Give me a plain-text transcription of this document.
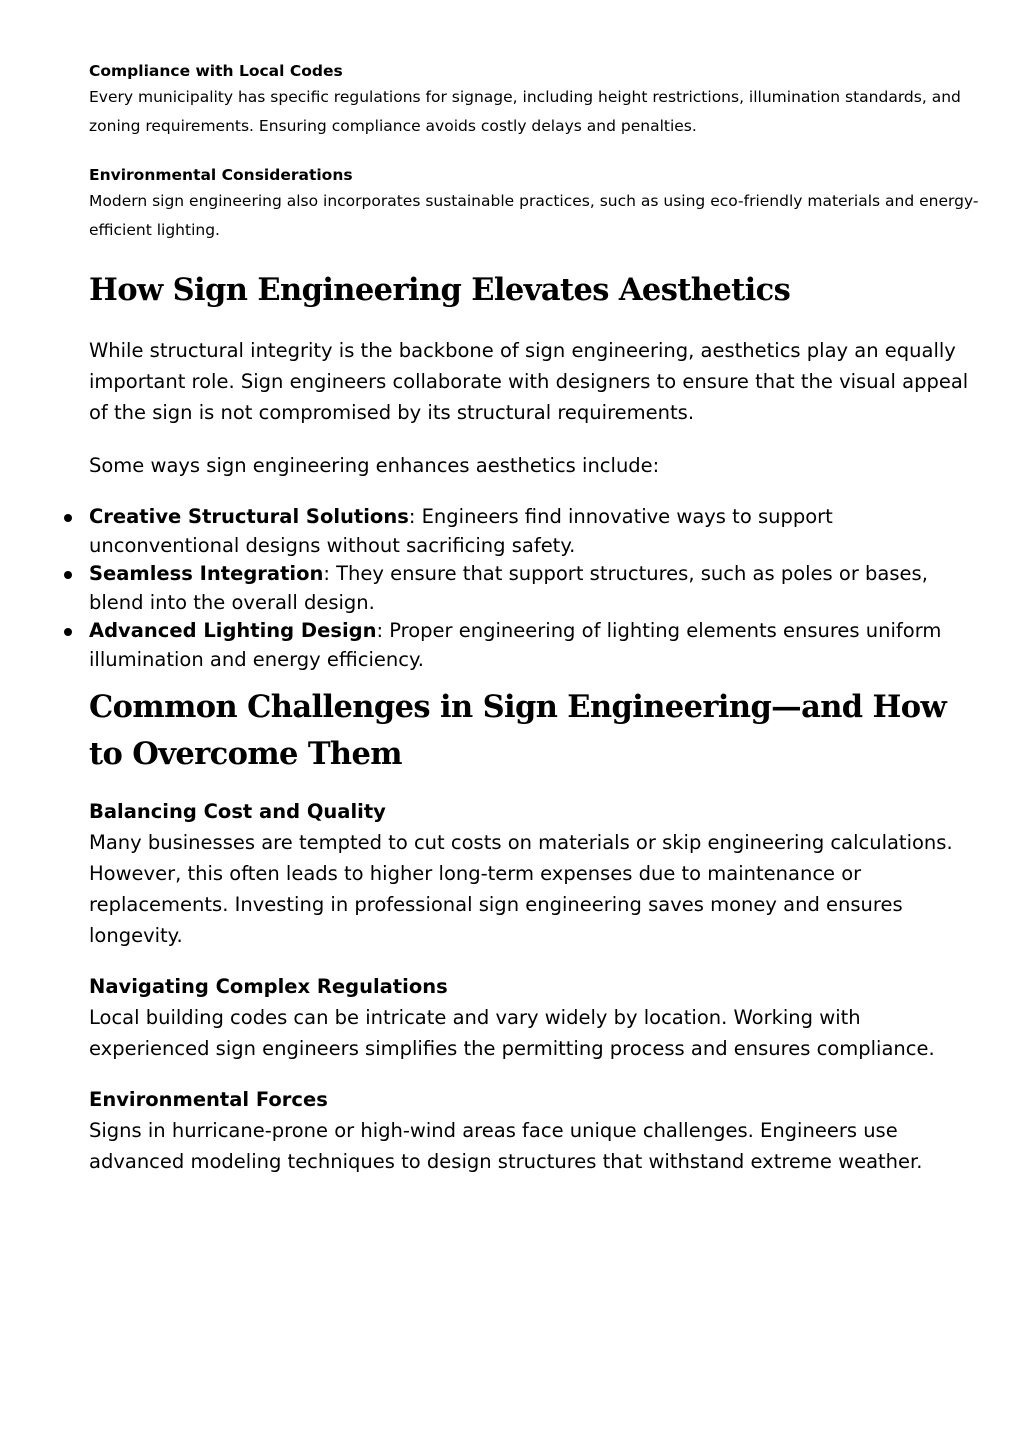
Compliance with Local Codes

Every municipality has specific regulations for signage, including height restrictions, illumination standards, and zoning requirements. Ensuring compliance avoids costly delays and penalties.

Environmental Considerations

Modern sign engineering also incorporates sustainable practices, such as using eco-friendly materials and energy-efficient lighting.

How Sign Engineering Elevates Aesthetics

While structural integrity is the backbone of sign engineering, aesthetics play an equally important role. Sign engineers collaborate with designers to ensure that the visual appeal of the sign is not compromised by its structural requirements.

Some ways sign engineering enhances aesthetics include:

Creative Structural Solutions: Engineers find innovative ways to support unconventional designs without sacrificing safety.
Seamless Integration: They ensure that support structures, such as poles or bases, blend into the overall design.
Advanced Lighting Design: Proper engineering of lighting elements ensures uniform illumination and energy efficiency.
Common Challenges in Sign Engineering—and How to Overcome Them

Balancing Cost and Quality

Many businesses are tempted to cut costs on materials or skip engineering calculations. However, this often leads to higher long-term expenses due to maintenance or replacements. Investing in professional sign engineering saves money and ensures longevity.

Navigating Complex Regulations

Local building codes can be intricate and vary widely by location. Working with experienced sign engineers simplifies the permitting process and ensures compliance.

Environmental Forces

Signs in hurricane-prone or high-wind areas face unique challenges. Engineers use advanced modeling techniques to design structures that withstand extreme weather.
